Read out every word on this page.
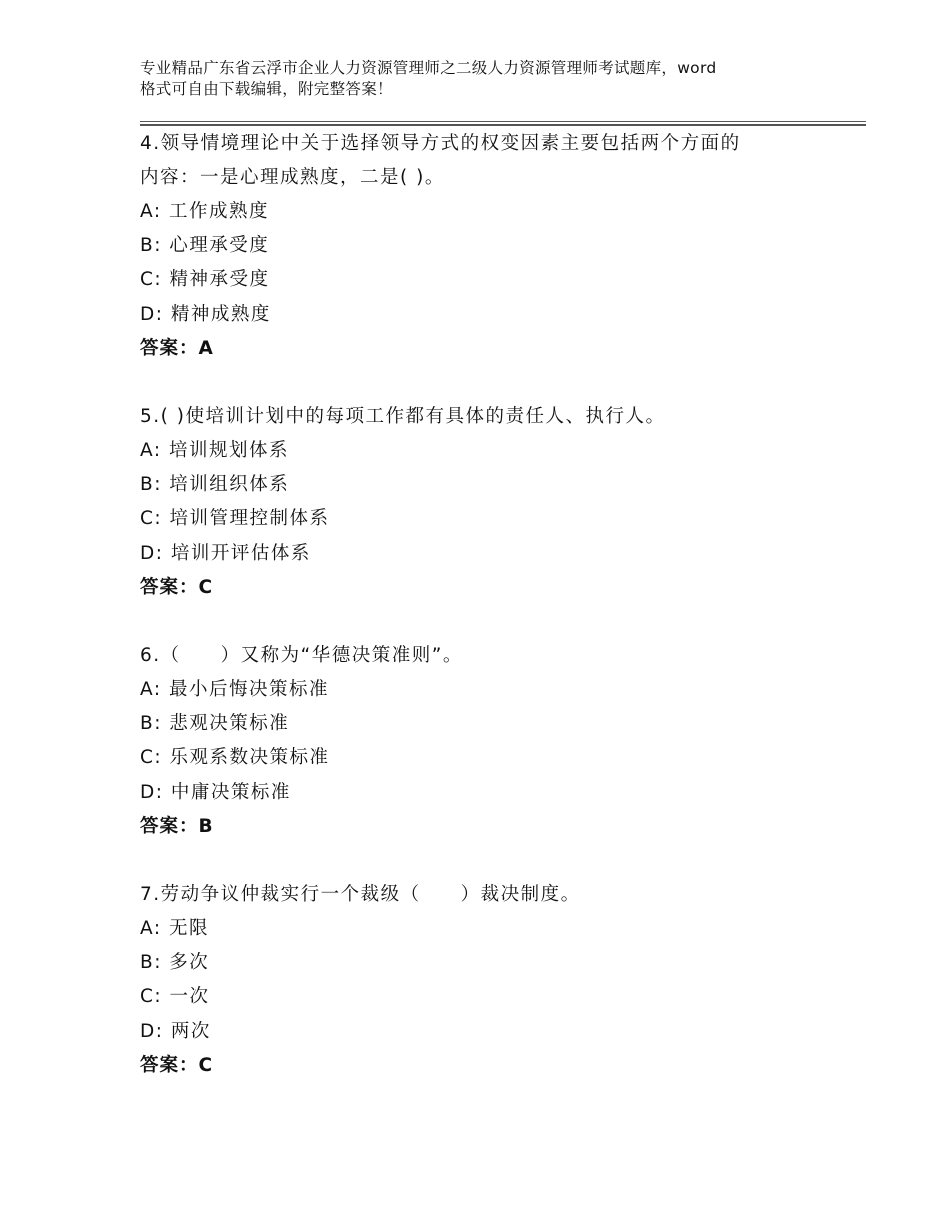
专业精品广东省云浮市企业人力资源管理师之二级人力资源管理师考试题库，word
格式可自由下载编辑，附完整答案！
4.领导情境理论中关于选择领导方式的权变因素主要包括两个方面的
内容：一是心理成熟度，二是( )。
A: 工作成熟度
B: 心理承受度
C: 精神承受度
D: 精神成熟度
答案：A
5.( )使培训计划中的每项工作都有具体的责任人、执行人。
A: 培训规划体系
B: 培训组织体系
C: 培训管理控制体系
D: 培训开评估体系
答案：C
6.（　　）又称为“华德决策准则”。
A: 最小后悔决策标准
B: 悲观决策标准
C: 乐观系数决策标准
D: 中庸决策标准
答案：B
7.劳动争议仲裁实行一个裁级（　　）裁决制度。
A: 无限
B: 多次
C: 一次
D: 两次
答案：C
